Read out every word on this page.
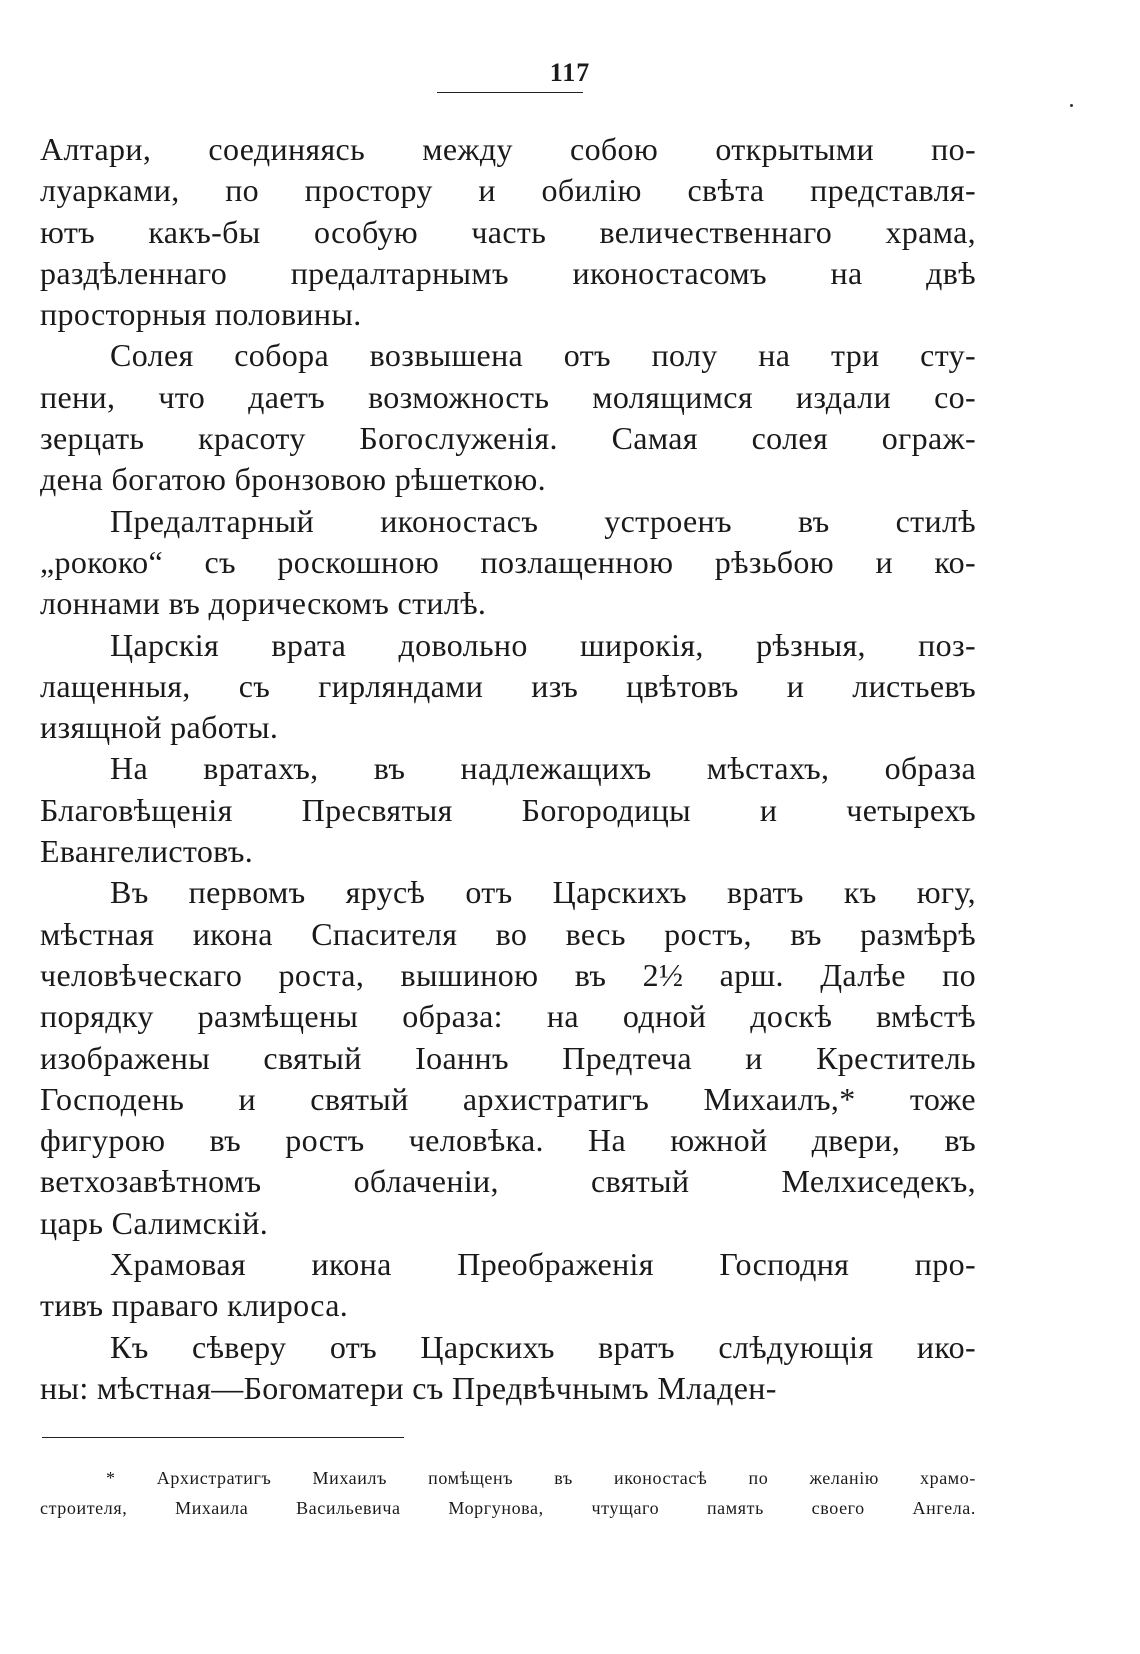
117
Алтари, соединяясь между собою открытыми по-
луарками, по простору и обилію свѣта представля-
ютъ какъ-бы особую часть величественнаго храма,
раздѣленнаго предалтарнымъ иконостасомъ на двѣ
просторныя половины.
Солея собора возвышена отъ полу на три сту-
пени, что даетъ возможность молящимся издали со-
зерцать красоту Богослуженія. Самая солея ограж-
дена богатою бронзовою рѣшеткою.
Предалтарный иконостасъ устроенъ въ стилѣ
„рококо“ съ роскошною позлащенною рѣзьбою и ко-
лоннами въ дорическомъ стилѣ.
Царскія врата довольно широкія, рѣзныя, поз-
лащенныя, съ гирляндами изъ цвѣтовъ и листьевъ
изящной работы.
На вратахъ, въ надлежащихъ мѣстахъ, образа
Благовѣщенія Пресвятыя Богородицы и четырехъ
Евангелистовъ.
Въ первомъ ярусѣ отъ Царскихъ вратъ къ югу,
мѣстная икона Спасителя во весь ростъ, въ размѣрѣ
человѣческаго роста, вышиною въ 2½ арш. Далѣе по
порядку размѣщены образа: на одной доскѣ вмѣстѣ
изображены святый Іоаннъ Предтеча и Креститель
Господень и святый архистратигъ Михаилъ,* тоже
фигурою въ ростъ человѣка. На южной двери, въ
ветхозавѣтномъ облаченіи, святый Мелхиседекъ,
царь Салимскій.
Храмовая икона Преображенія Господня про-
тивъ праваго клироса.
Къ сѣверу отъ Царскихъ вратъ слѣдующія ико-
ны: мѣстная—Богоматери съ Предвѣчнымъ Младен-
* Архистратигъ Михаилъ помѣщенъ въ иконостасѣ по желанію храмо-
строителя, Михаила Васильевича Моргунова, чтущаго память своего Ангела.
